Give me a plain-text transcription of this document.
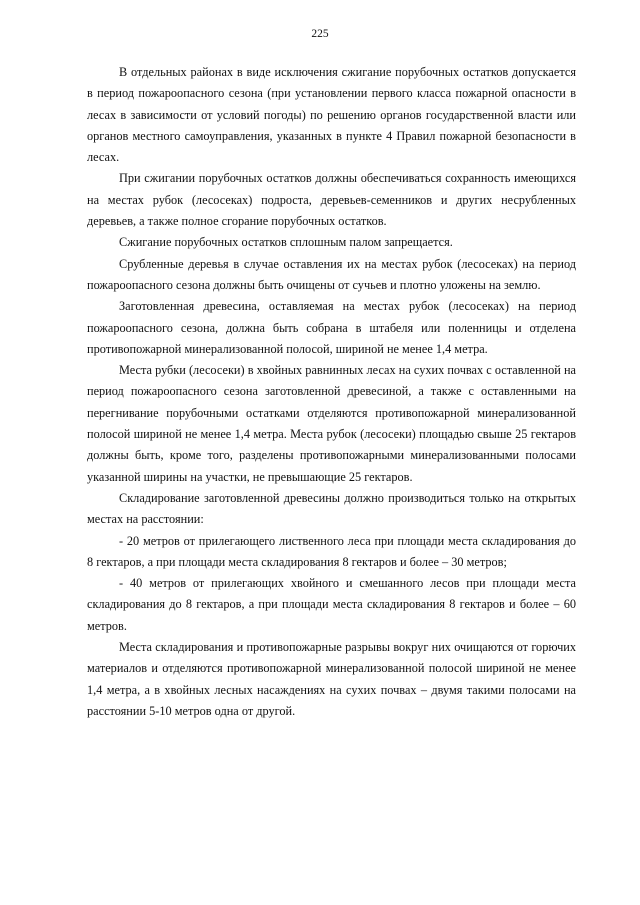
225

В отдельных районах в виде исключения сжигание порубочных остатков допускается в период пожароопасного сезона (при установлении первого класса пожарной опасности в лесах в зависимости от условий погоды) по решению органов государственной власти или органов местного самоуправления, указанных в пункте 4 Правил пожарной безопасности в лесах.

При сжигании порубочных остатков должны обеспечиваться сохранность имеющихся на местах рубок (лесосеках) подроста, деревьев-семенников и других несрубленных деревьев, а также полное сгорание порубочных остатков.

Сжигание порубочных остатков сплошным палом запрещается.

Срубленные деревья в случае оставления их на местах рубок (лесосеках) на период пожароопасного сезона должны быть очищены от сучьев и плотно уложены на землю.

Заготовленная древесина, оставляемая на местах рубок (лесосеках) на период пожароопасного сезона, должна быть собрана в штабеля или поленницы и отделена противопожарной минерализованной полосой, шириной не менее 1,4 метра.

Места рубки (лесосеки) в хвойных равнинных лесах на сухих почвах с оставленной на период пожароопасного сезона заготовленной древесиной, а также с оставленными на перегнивание порубочными остатками отделяются противопожарной минерализованной полосой шириной не менее 1,4 метра. Места рубок (лесосеки) площадью свыше 25 гектаров должны быть, кроме того, разделены противопожарными минерализованными полосами указанной ширины на участки, не превышающие 25 гектаров.

Складирование заготовленной древесины должно производиться только на открытых местах на расстоянии:

- 20 метров от прилегающего лиственного леса при площади места складирования до 8 гектаров, а при площади места складирования 8 гектаров и более – 30 метров;

- 40 метров от прилегающих хвойного и смешанного лесов при площади места складирования до 8 гектаров, а при площади места складирования 8 гектаров и более – 60 метров.

Места складирования и противопожарные разрывы вокруг них очищаются от горючих материалов и отделяются противопожарной минерализованной полосой шириной не менее 1,4 метра, а в хвойных лесных насаждениях на сухих почвах – двумя такими полосами на расстоянии 5-10 метров одна от другой.
